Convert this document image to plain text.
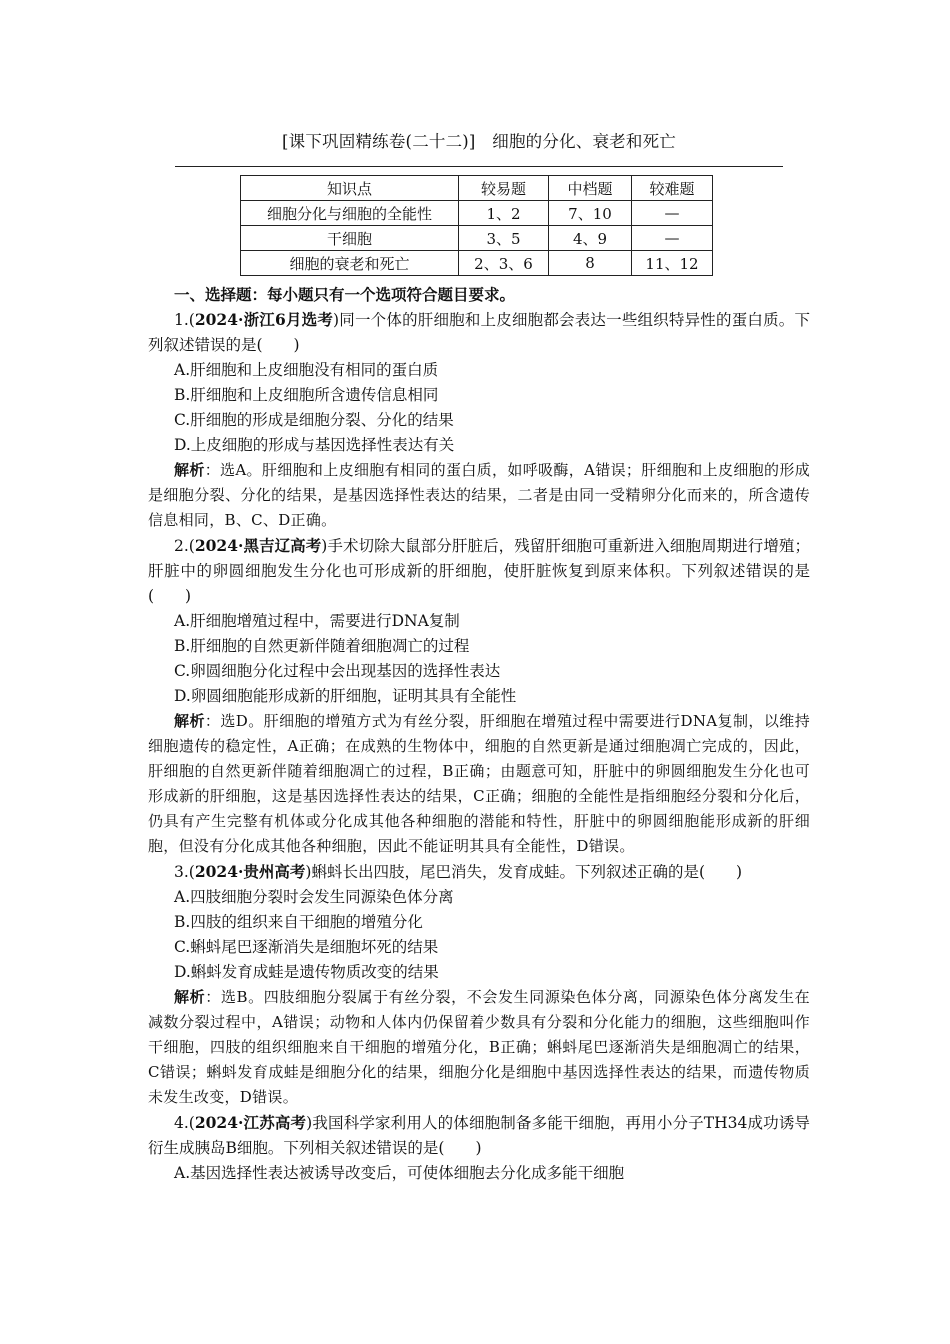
[课下巩固精练卷(二十二)]　细胞的分化、衰老和死亡
知识点	较易题	中档题	较难题
细胞分化与细胞的全能性	1、2	7、10	—
干细胞	3、5	4、9	—
细胞的衰老和死亡	2、3、6	8	11、12
一、选择题：每小题只有一个选项符合题目要求。
1.(2024·浙江6月选考)同一个体的肝细胞和上皮细胞都会表达一些组织特异性的蛋白质。下列叙述错误的是(　　)
A.肝细胞和上皮细胞没有相同的蛋白质
B.肝细胞和上皮细胞所含遗传信息相同
C.肝细胞的形成是细胞分裂、分化的结果
D.上皮细胞的形成与基因选择性表达有关
解析：选A。肝细胞和上皮细胞有相同的蛋白质，如呼吸酶，A错误；肝细胞和上皮细胞的形成是细胞分裂、分化的结果，是基因选择性表达的结果，二者是由同一受精卵分化而来的，所含遗传信息相同，B、C、D正确。
2.(2024·黑吉辽高考)手术切除大鼠部分肝脏后，残留肝细胞可重新进入细胞周期进行增殖；肝脏中的卵圆细胞发生分化也可形成新的肝细胞，使肝脏恢复到原来体积。下列叙述错误的是(　　)
A.肝细胞增殖过程中，需要进行DNA复制
B.肝细胞的自然更新伴随着细胞凋亡的过程
C.卵圆细胞分化过程中会出现基因的选择性表达
D.卵圆细胞能形成新的肝细胞，证明其具有全能性
解析：选D。肝细胞的增殖方式为有丝分裂，肝细胞在增殖过程中需要进行DNA复制，以维持细胞遗传的稳定性，A正确；在成熟的生物体中，细胞的自然更新是通过细胞凋亡完成的，因此，肝细胞的自然更新伴随着细胞凋亡的过程，B正确；由题意可知，肝脏中的卵圆细胞发生分化也可形成新的肝细胞，这是基因选择性表达的结果，C正确；细胞的全能性是指细胞经分裂和分化后，仍具有产生完整有机体或分化成其他各种细胞的潜能和特性，肝脏中的卵圆细胞能形成新的肝细胞，但没有分化成其他各种细胞，因此不能证明其具有全能性，D错误。
3.(2024·贵州高考)蝌蚪长出四肢，尾巴消失，发育成蛙。下列叙述正确的是(　　)
A.四肢细胞分裂时会发生同源染色体分离
B.四肢的组织来自干细胞的增殖分化
C.蝌蚪尾巴逐渐消失是细胞坏死的结果
D.蝌蚪发育成蛙是遗传物质改变的结果
解析：选B。四肢细胞分裂属于有丝分裂，不会发生同源染色体分离，同源染色体分离发生在减数分裂过程中，A错误；动物和人体内仍保留着少数具有分裂和分化能力的细胞，这些细胞叫作干细胞，四肢的组织细胞来自干细胞的增殖分化，B正确；蝌蚪尾巴逐渐消失是细胞凋亡的结果，C错误；蝌蚪发育成蛙是细胞分化的结果，细胞分化是细胞中基因选择性表达的结果，而遗传物质未发生改变，D错误。
4.(2024·江苏高考)我国科学家利用人的体细胞制备多能干细胞，再用小分子TH34成功诱导衍生成胰岛B细胞。下列相关叙述错误的是(　　)
A.基因选择性表达被诱导改变后，可使体细胞去分化成多能干细胞
